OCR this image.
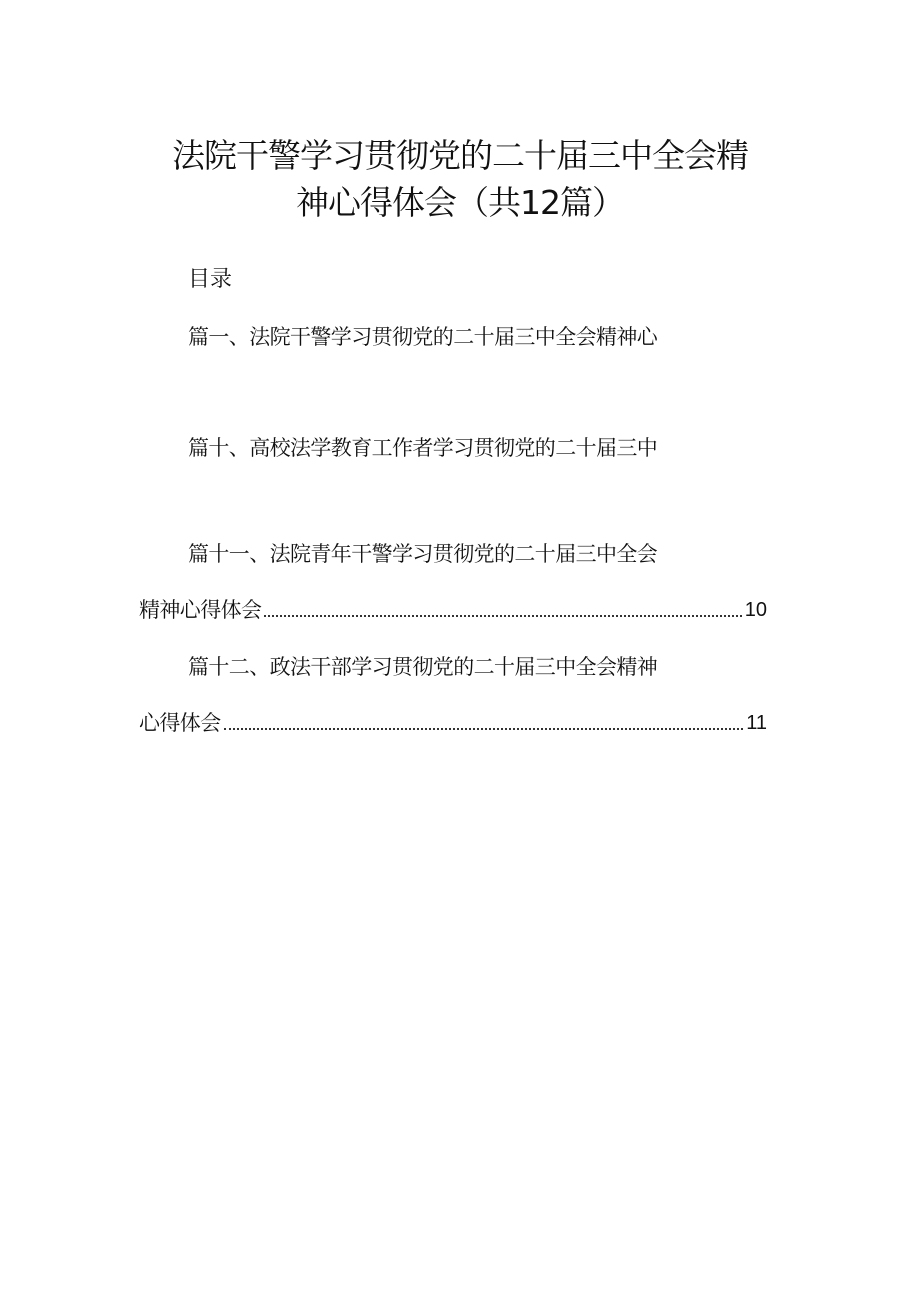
法院干警学习贯彻党的二十届三中全会精
神心得体会（共12篇）
目录
篇一、法院干警学习贯彻党的二十届三中全会精神心
篇十、高校法学教育工作者学习贯彻党的二十届三中
篇十一、法院青年干警学习贯彻党的二十届三中全会
精神心得体会	10
篇十二、政法干部学习贯彻党的二十届三中全会精神
心得体会	11
